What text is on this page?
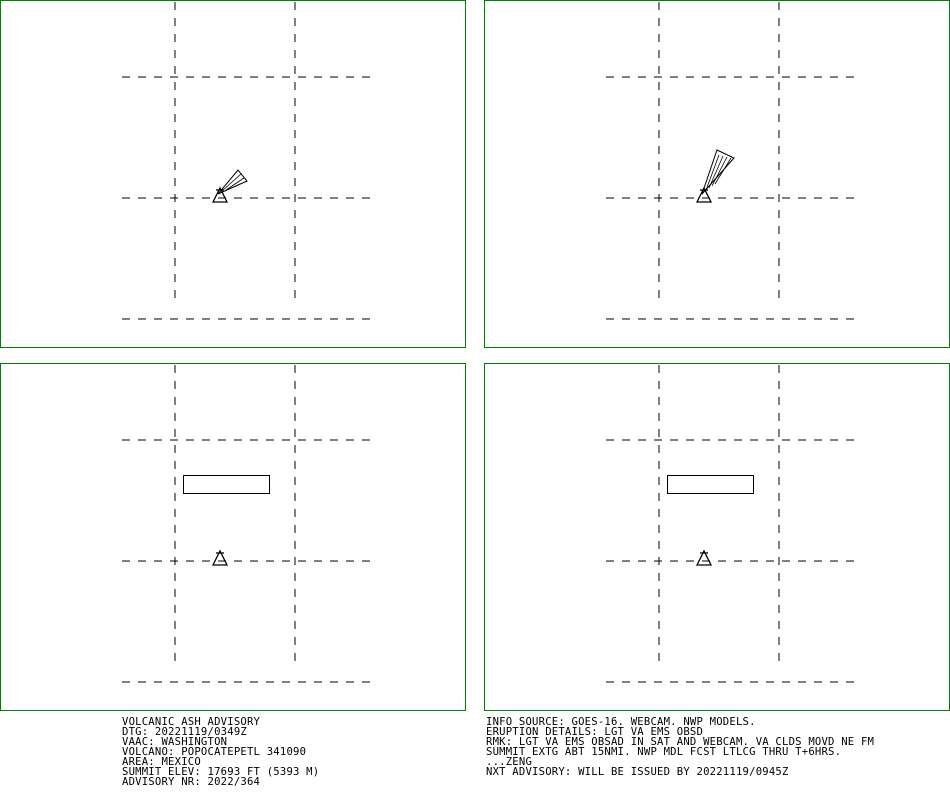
VOLCANIC ASH ADVISORY
DTG: 20221119/0349Z
VAAC: WASHINGTON
VOLCANO: POPOCATEPETL 341090
AREA: MEXICO
SUMMIT ELEV: 17693 FT (5393 M)
ADVISORY NR: 2022/364
INFO SOURCE: GOES-16. WEBCAM. NWP MODELS.
ERUPTION DETAILS: LGT VA EMS OBSD
RMK: LGT VA EMS OBSAD IN SAT AND WEBCAM. VA CLDS MOVD NE FM
SUMMIT EXTG ABT 15NMI. NWP MDL FCST LTLCG THRU T+6HRS.
...ZENG
NXT ADVISORY: WILL BE ISSUED BY 20221119/0945Z
